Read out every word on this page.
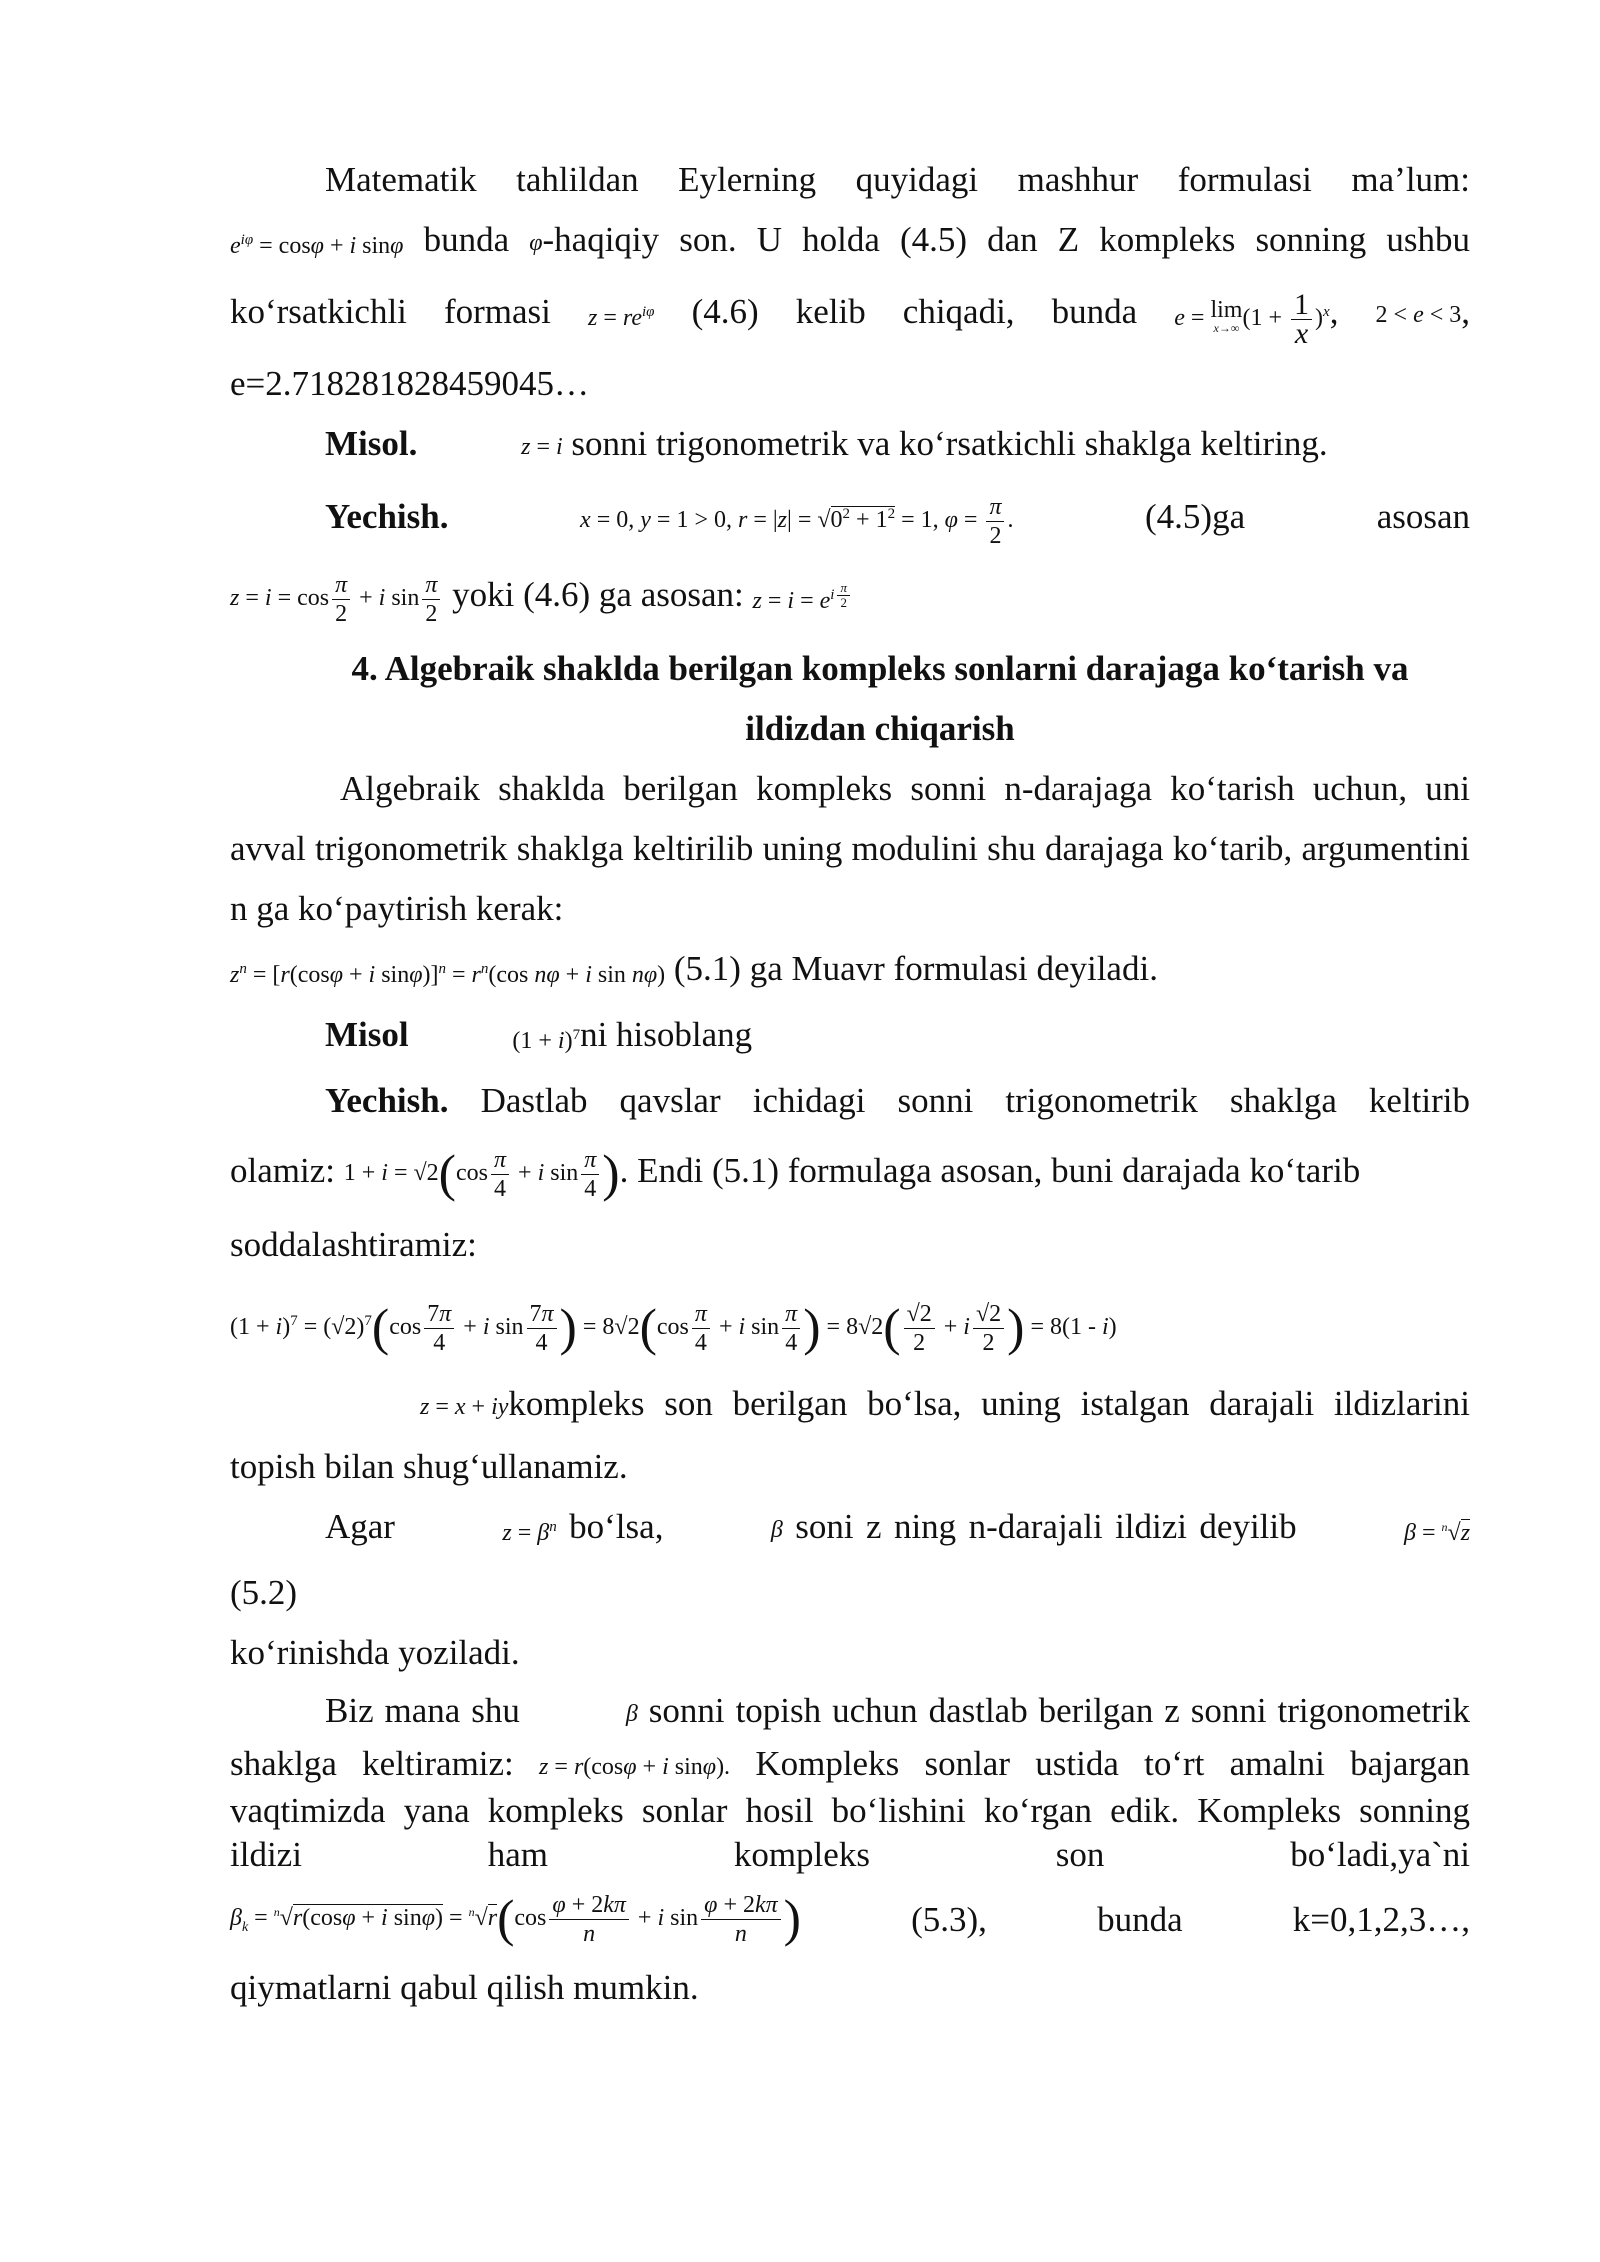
Matematik tahlildan Eylerning quyidagi mashhur formulasi ma’lum:

$e^{i\varphi} = \cos\varphi + i$ sinφ bunda φ-haqiqiy son. U holda (4.5) dan Z kompleks sonning ushbu

ko‘rsatkichli formasi $z = re^{i\varphi}$ (4.6) kelib chiqadi, bunda e = lim
x→∞ $(1 + \frac{1}{x} )^x$, 2 < e < 3,

e=2.718281828459045…

Misol.	z = i sonni trigonometrik va ko‘rsatkichli shaklga keltiring.

Yechish.	x = 0, y = 1 > 0, $r = |z| = √0^2 + 1^2 = 1$, $\varphi = \frac{\pi}{2}$ .	(4.5)ga	asosan

$z = i = \cos \frac{\pi}{2} + i$ $\sin \frac{\pi}{2}$ yoki (4.6) ga asosan: $z = i = e^{i \frac{\pi}{2}}$

4. Algebraik shaklda berilgan kompleks sonlarni darajaga ko‘tarish va
ildizdan chiqarish

Algebraik shaklda berilgan kompleks sonni n-darajaga ko‘tarish uchun, uni avval trigonometrik shaklga keltirilib uning modulini shu darajaga ko‘tarib, argumentini n ga ko‘paytirish kerak:

$z^n = [r(\cos\varphi + i$ $\sin\varphi)]^n = r^n(\cos$ nφ + i sin nφ) (5.1) ga Muavr formulasi deyiladi.

Misol	$(1 + i)^7ni$ hisoblang

Yechish. Dastlab qavslar ichidagi sonni trigonometrik shaklga keltirib

olamiz: $1 + i = √2(\cos \frac{\pi}{4} + i$ $\sin \frac{\pi}{4}$ ). Endi (5.1) formulaga asosan, buni darajada ko‘tarib

soddalashtiramiz:

$(1 + i)^7 = (√2)^7(\cos \frac{7\pi}{4} + i$ $\sin \frac{7\pi}{4}$ ) = $8√2(\cos \frac{\pi}{4} + i$ $\sin \frac{\pi}{4}$ ) = $8√2( \frac{√2}{2} + i \frac{√2}{2}$ ) = 8(1 - i)

z = x + iykompleks son berilgan bo‘lsa, uning istalgan darajali ildizlarini

topish bilan shug‘ullanamiz.

Agar	$z = \beta^n$ bo‘lsa,	β soni z ning n-darajali ildizi deyilib	β = $^n$√z (5.2)

ko‘rinishda yoziladi.

Biz mana shu	β sonni topish uchun dastlab berilgan z sonni trigonometrik

shaklga keltiramiz: z = r(cosφ + i sinφ). Kompleks sonlar ustida to‘rt amalni bajargan

vaqtimizda yana kompleks sonlar hosil bo‘lishini ko‘rgan edik. Kompleks sonning

ildizi ham kompleks son bo‘ladi,ya`ni

$\beta_k = ^n√r(\cos\varphi + i$ $\sin\varphi) = ^n√r(\cos \frac{\varphi + 2k\pi}{n} + i$ $\sin \frac{\varphi + 2k\pi}{n}$ )	(5.3),	bunda	k=0,1,2,3…,

qiymatlarni qabul qilish mumkin.
